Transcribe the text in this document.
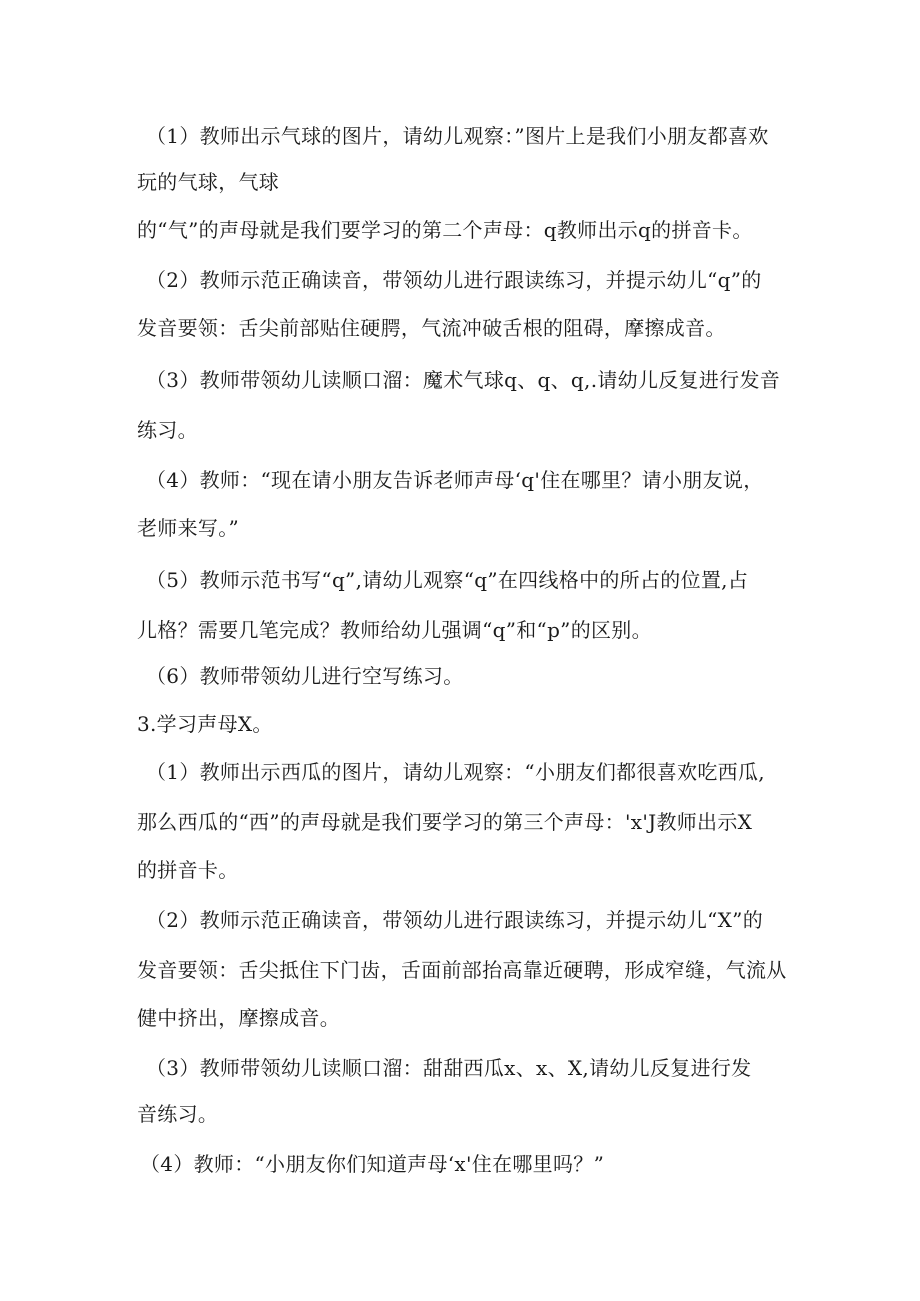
（1）教师出示气球的图片，请幼儿观察：”图片上是我们小朋友都喜欢
玩的气球，气球
的“气”的声母就是我们要学习的第二个声母：q教师出示q的拼音卡。
（2）教师示范正确读音，带领幼儿进行跟读练习，并提示幼儿“q”的
发音要领：舌尖前部贴住硬腭，气流冲破舌根的阻碍，摩擦成音。
（3）教师带领幼儿读顺口溜：魔术气球q、q、q,.请幼儿反复进行发音
练习。
（4）教师：“现在请小朋友告诉老师声母‘q'住在哪里？请小朋友说，
老师来写。”
（5）教师示范书写“q”,请幼儿观察“q”在四线格中的所占的位置,占
儿格？需要几笔完成？教师给幼儿强调“q”和“p”的区别。
（6）教师带领幼儿进行空写练习。
3.学习声母X。
（1）教师出示西瓜的图片，请幼儿观察：“小朋友们都很喜欢吃西瓜,
那么西瓜的“西”的声母就是我们要学习的第三个声母：'x'J教师出示X
的拼音卡。
（2）教师示范正确读音，带领幼儿进行跟读练习，并提示幼儿“X”的
发音要领：舌尖抵住下门齿，舌面前部抬高靠近硬聘，形成窄缝，气流从
健中挤出，摩擦成音。
（3）教师带领幼儿读顺口溜：甜甜西瓜x、x、X,请幼儿反复进行发
音练习。
（4）教师：“小朋友你们知道声母‘x'住在哪里吗？”
